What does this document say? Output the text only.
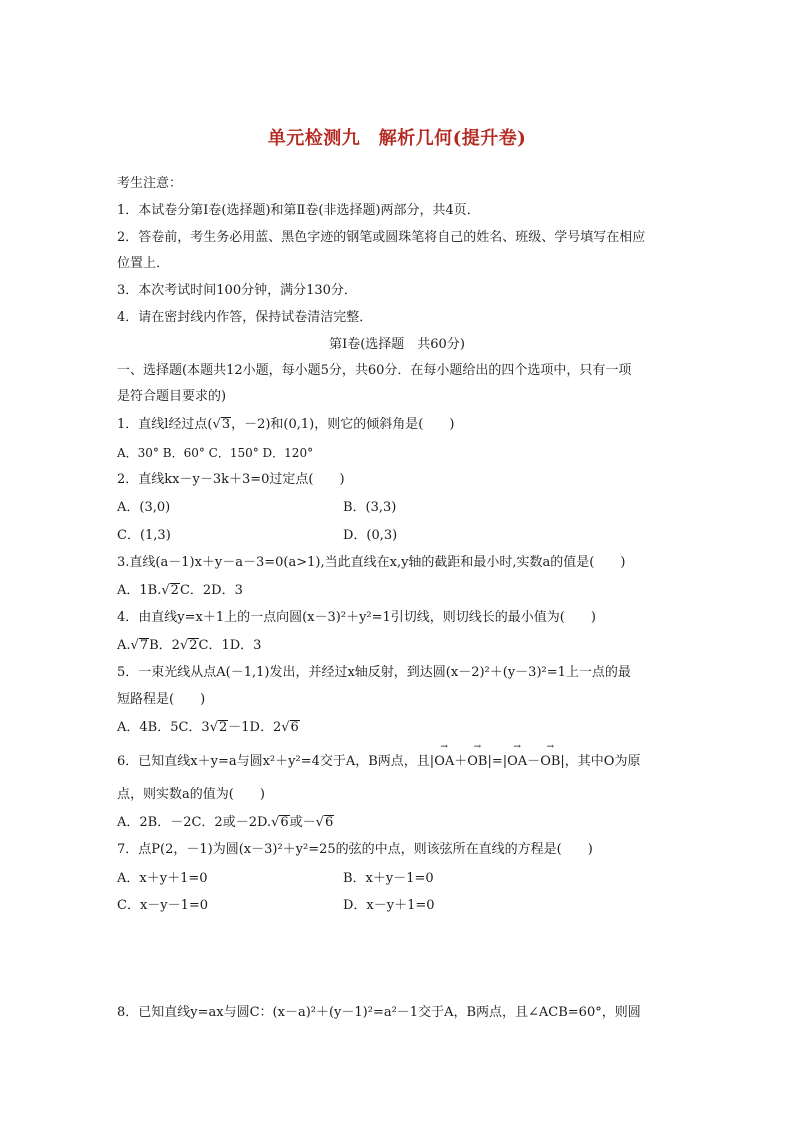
单元检测九　解析几何(提升卷)
考生注意：
1．本试卷分第Ⅰ卷(选择题)和第Ⅱ卷(非选择题)两部分，共4页．
2．答卷前，考生务必用蓝、黑色字迹的钢笔或圆珠笔将自己的姓名、班级、学号填写在相应
位置上．
3．本次考试时间100分钟，满分130分．
4．请在密封线内作答，保持试卷清洁完整．
第Ⅰ卷(选择题　共60分)
一、选择题(本题共12小题，每小题5分，共60分．在每小题给出的四个选项中，只有一项
是符合题目要求的)
1．直线l经过点(√3，－2)和(0,1)，则它的倾斜角是(　　)
A．30° B．60° C．150° D．120°
2．直线kx－y－3k＋3=0过定点(　　)
A．(3,0)	B．(3,3)
C．(1,3)	D．(0,3)
3.直线(a－1)x＋y－a－3=0(a>1),当此直线在x,y轴的截距和最小时,实数a的值是(　　)
A．1B.√2C．2D．3
4．由直线y=x＋1上的一点向圆(x－3)²＋y²=1引切线，则切线长的最小值为(　　)
A.√7B．2√2C．1D．3
5．一束光线从点A(－1,1)发出，并经过x轴反射，到达圆(x－2)²＋(y－3)²=1上一点的最
短路程是(　　)
A．4B．5C．3√2－1D．2√6
6．已知直线x＋y=a与圆x²＋y²=4交于A，B两点，且|→ OA＋→ OB|=|→ OA－→ OB|，其中O为原
点，则实数a的值为(　　)
A．2B．－2C．2或－2D.√6或－√6
7．点P(2，－1)为圆(x－3)²＋y²=25的弦的中点，则该弦所在直线的方程是(　　)
A．x＋y＋1=0	B．x＋y－1=0
C．x－y－1=0	D．x－y＋1=0
8．已知直线y=ax与圆C：(x－a)²＋(y－1)²=a²－1交于A，B两点，且∠ACB=60°，则圆
